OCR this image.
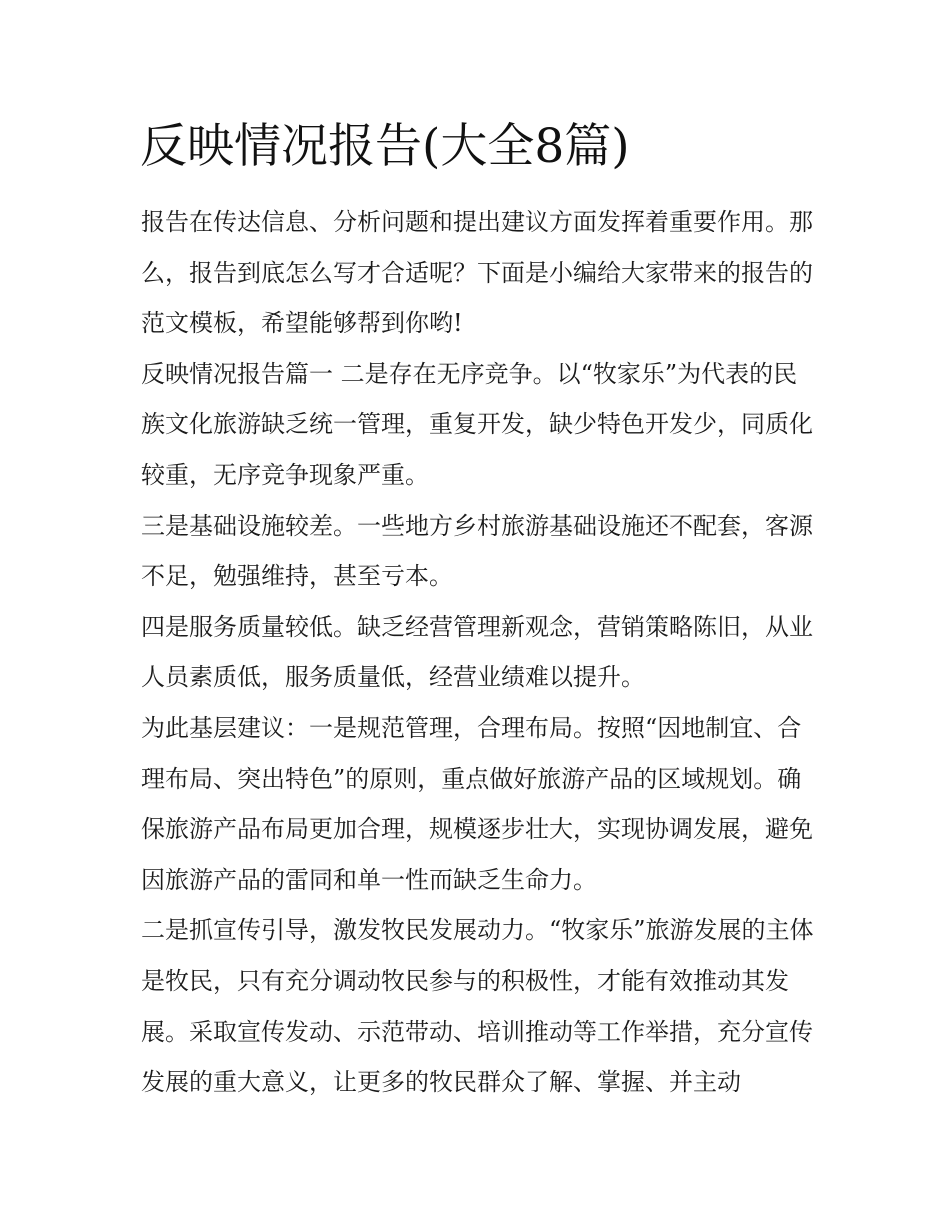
反映情况报告(大全8篇)

报告在传达信息、分析问题和提出建议方面发挥着重要作用。那么，报告到底怎么写才合适呢？下面是小编给大家带来的报告的范文模板，希望能够帮到你哟!

反映情况报告篇一 二是存在无序竞争。以“牧家乐”为代表的民族文化旅游缺乏统一管理，重复开发，缺少特色开发少，同质化较重，无序竞争现象严重。

三是基础设施较差。一些地方乡村旅游基础设施还不配套，客源不足，勉强维持，甚至亏本。

四是服务质量较低。缺乏经营管理新观念，营销策略陈旧，从业人员素质低，服务质量低，经营业绩难以提升。

为此基层建议：一是规范管理，合理布局。按照“因地制宜、合理布局、突出特色”的原则，重点做好旅游产品的区域规划。确保旅游产品布局更加合理，规模逐步壮大，实现协调发展，避免因旅游产品的雷同和单一性而缺乏生命力。

二是抓宣传引导，激发牧民发展动力。“牧家乐”旅游发展的主体是牧民，只有充分调动牧民参与的积极性，才能有效推动其发展。采取宣传发动、示范带动、培训推动等工作举措，充分宣传发展的重大意义，让更多的牧民群众了解、掌握、并主动
